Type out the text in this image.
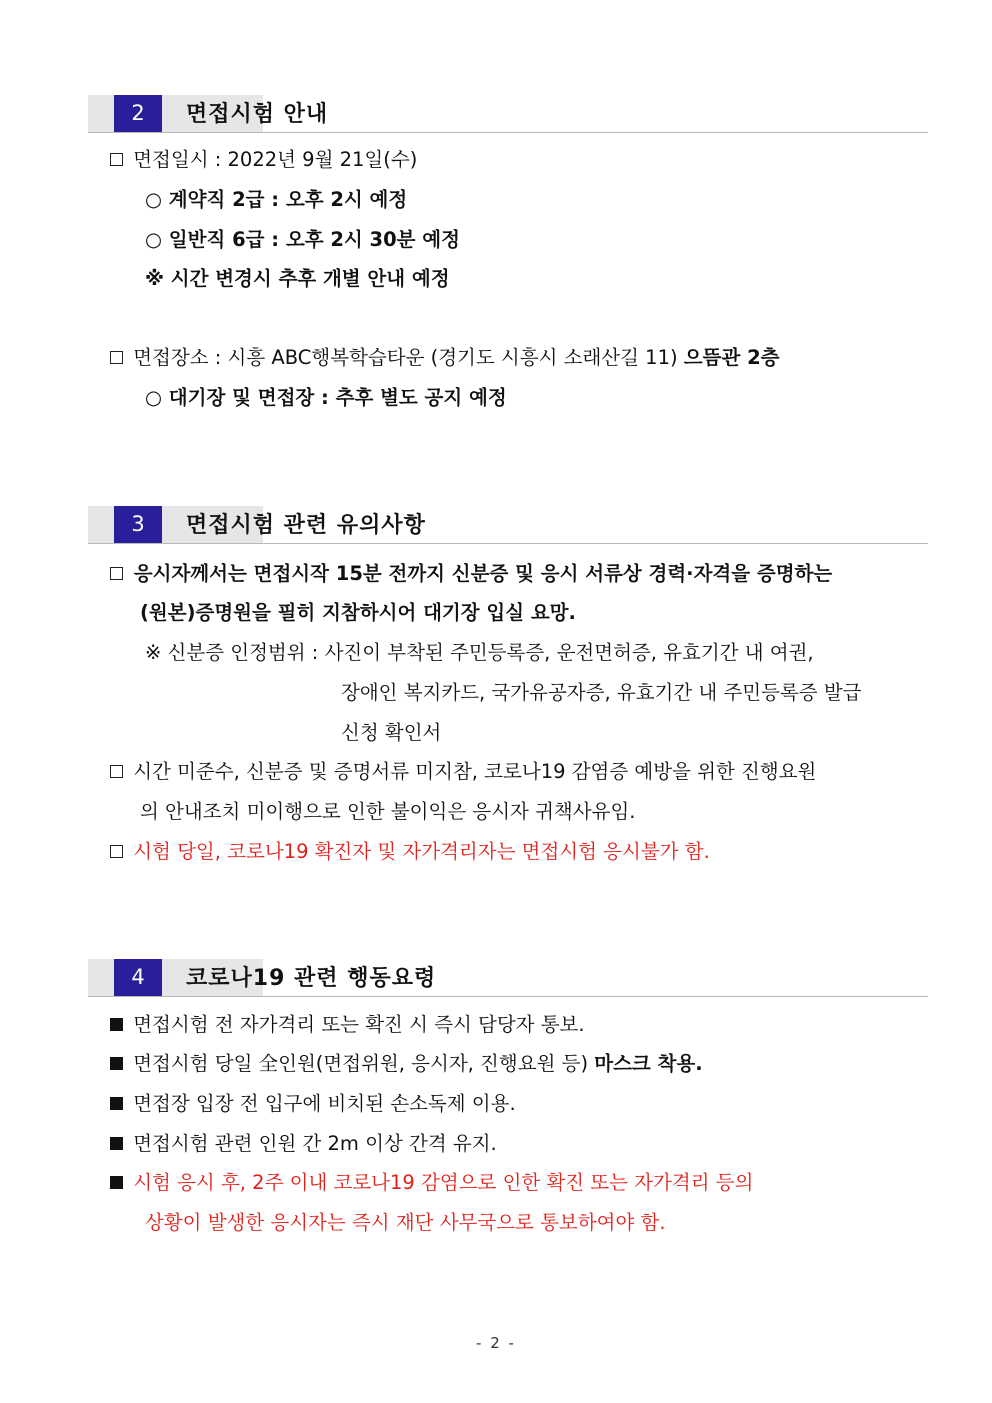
2	면접시험 안내
면접일시 : 2022년 9월 21일(수)
○ 계약직 2급 : 오후 2시 예정
○ 일반직 6급 : 오후 2시 30분 예정
※ 시간 변경시 추후 개별 안내 예정
면접장소 : 시흥 ABC행복학습타운 (경기도 시흥시 소래산길 11) 으뜸관 2층
○ 대기장 및 면접장 : 추후 별도 공지 예정
3	면접시험 관련 유의사항
응시자께서는 면접시작 15분 전까지 신분증 및 응시 서류상 경력·자격을 증명하는
(원본)증명원을 필히 지참하시어 대기장 입실 요망.
※ 신분증 인정범위 : 사진이 부착된 주민등록증, 운전면허증, 유효기간 내 여권,
장애인 복지카드, 국가유공자증, 유효기간 내 주민등록증 발급
신청 확인서
시간 미준수, 신분증 및 증명서류 미지참, 코로나19 감염증 예방을 위한 진행요원
의 안내조치 미이행으로 인한 불이익은 응시자 귀책사유임.
시험 당일, 코로나19 확진자 및 자가격리자는 면접시험 응시불가 함.
4	코로나19 관련 행동요령
면접시험 전 자가격리 또는 확진 시 즉시 담당자 통보.
면접시험 당일 全인원(면접위원, 응시자, 진행요원 등) 마스크 착용.
면접장 입장 전 입구에 비치된 손소독제 이용.
면접시험 관련 인원 간 2m 이상 간격 유지.
시험 응시 후, 2주 이내 코로나19 감염으로 인한 확진 또는 자가격리 등의
상황이 발생한 응시자는 즉시 재단 사무국으로 통보하여야 함.
- 2 -
